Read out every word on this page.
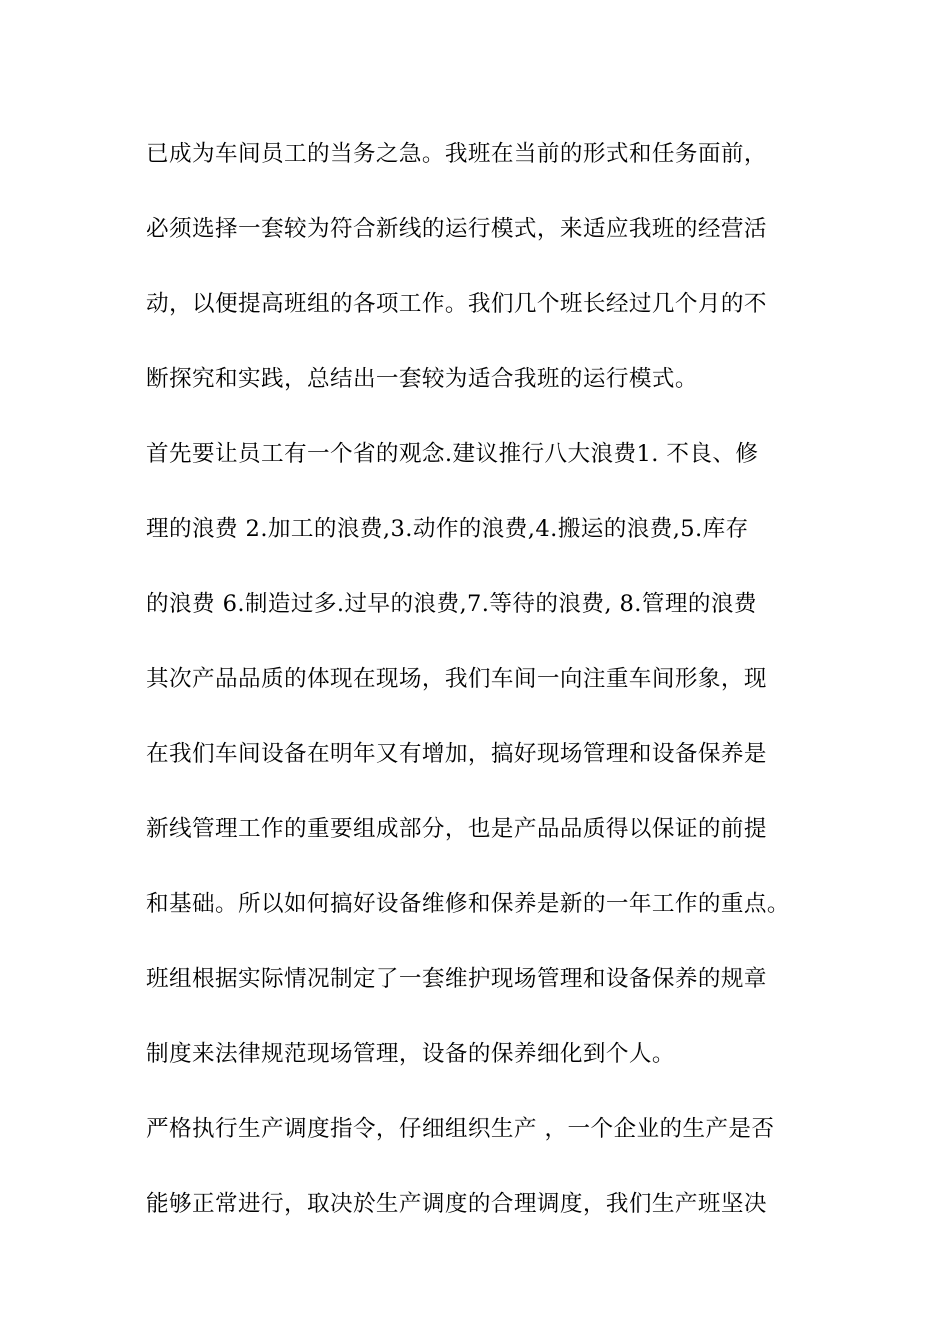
已成为车间员工的当务之急。我班在当前的形式和任务面前，
必须选择一套较为符合新线的运行模式，来适应我班的经营活
动，以便提高班组的各项工作。我们几个班长经过几个月的不
断探究和实践，总结出一套较为适合我班的运行模式。
首先要让员工有一个省的观念.建议推行八大浪费1. 不良、修
理的浪费 2.加工的浪费,3.动作的浪费,4.搬运的浪费,5.库存
的浪费 6.制造过多.过早的浪费,7.等待的浪费, 8.管理的浪费
其次产品品质的体现在现场，我们车间一向注重车间形象，现
在我们车间设备在明年又有增加，搞好现场管理和设备保养是
新线管理工作的重要组成部分，也是产品品质得以保证的前提
和基础。所以如何搞好设备维修和保养是新的一年工作的重点。
班组根据实际情况制定了一套维护现场管理和设备保养的规章
制度来法律规范现场管理，设备的保养细化到个人。
严格执行生产调度指令，仔细组织生产 ，一个企业的生产是否
能够正常进行，取决於生产调度的合理调度，我们生产班坚决
